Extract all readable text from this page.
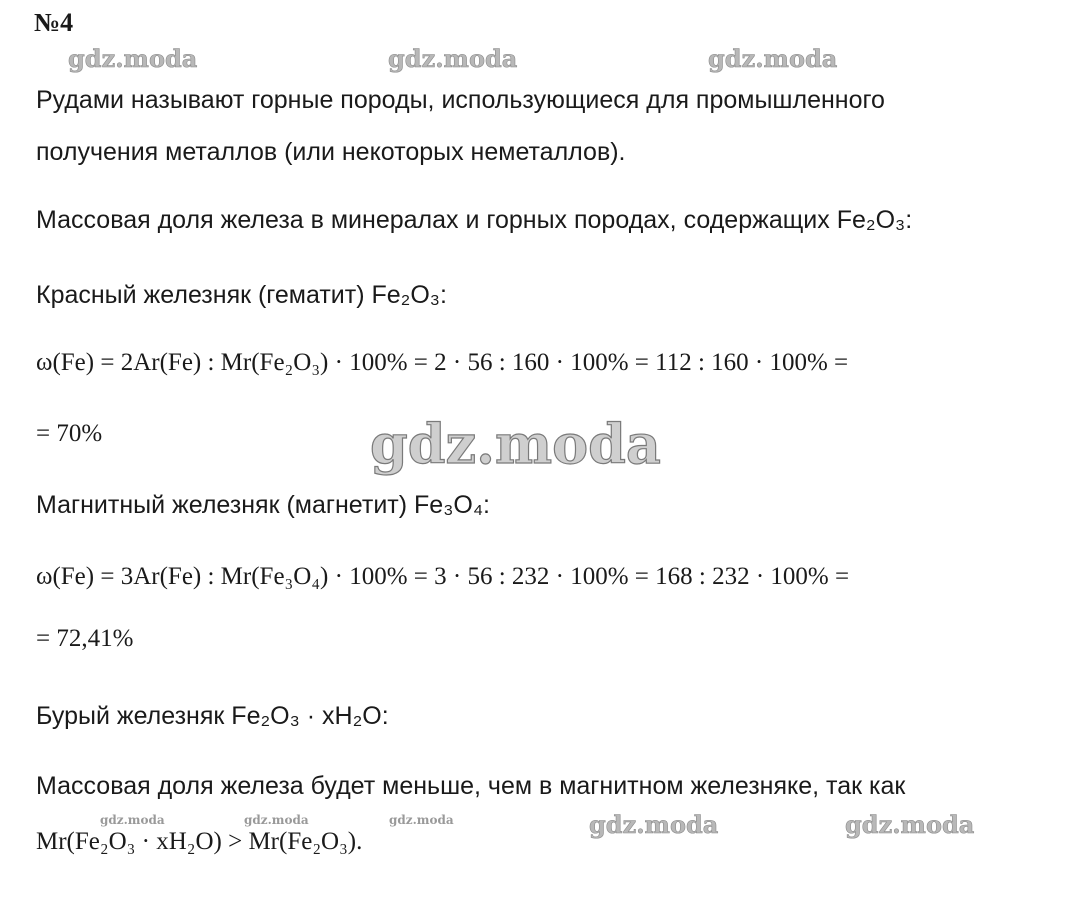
№4
gdz.moda	gdz.moda	gdz.moda
gdz.moda
gdz.moda	gdz.moda	gdz.moda	gdz.moda	gdz.moda
Рудами называют горные породы, использующиеся для промышленного
получения металлов (или некоторых неметаллов).
Массовая доля железа в минералах и горных породах, содержащих Fe₂O₃:
Красный железняк (гематит) Fe₂O₃:
ω(Fe) = 2Ar(Fe) : Mr(Fe₂O₃) · 100% = 2 · 56 : 160 · 100% = 112 : 160 · 100% =
= 70%
Магнитный железняк (магнетит) Fe₃O₄:
ω(Fe) = 3Ar(Fe) : Mr(Fe₃O₄) · 100% = 3 · 56 : 232 · 100% = 168 : 232 · 100% =
= 72,41%
Бурый железняк Fe₂O₃ · xH₂O:
Массовая доля железа будет меньше, чем в магнитном железняке, так как
Mr(Fe₂O₃ · xH₂O) > Mr(Fe₂O₃).
